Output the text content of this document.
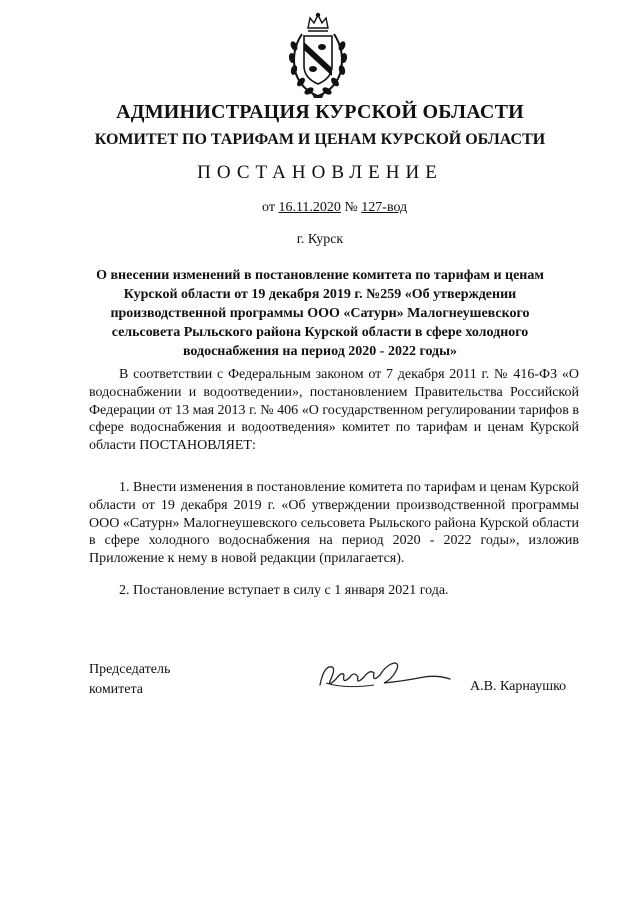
АДМИНИСТРАЦИЯ КУРСКОЙ ОБЛАСТИ
КОМИТЕТ ПО ТАРИФАМ И ЦЕНАМ КУРСКОЙ ОБЛАСТИ
ПОСТАНОВЛЕНИЕ
от 16.11.2020 № 127-вод
г. Курск
О внесении изменений в постановление комитета по тарифам и ценам Курской области от 19 декабря 2019 г. №259 «Об утверждении производственной программы ООО «Сатурн» Малогнеушевского сельсовета Рыльского района Курской области в сфере холодного водоснабжения на период 2020 - 2022 годы»
В соответствии с Федеральным законом от 7 декабря 2011 г. № 416-ФЗ «О водоснабжении и водоотведении», постановлением Правительства Российской Федерации от 13 мая 2013 г. № 406 «О государственном регулировании тарифов в сфере водоснабжения и водоотведения» комитет по тарифам и ценам Курской области ПОСТАНОВЛЯЕТ:
1. Внести изменения в постановление комитета по тарифам и ценам Курской области от 19 декабря 2019 г. «Об утверждении производственной программы ООО «Сатурн» Малогнеушевского сельсовета Рыльского района Курской области в сфере холодного водоснабжения на период 2020 - 2022 годы», изложив Приложение к нему в новой редакции (прилагается).
2. Постановление вступает в силу с 1 января 2021 года.
Председатель
комитета	А.В. Карнаушко
